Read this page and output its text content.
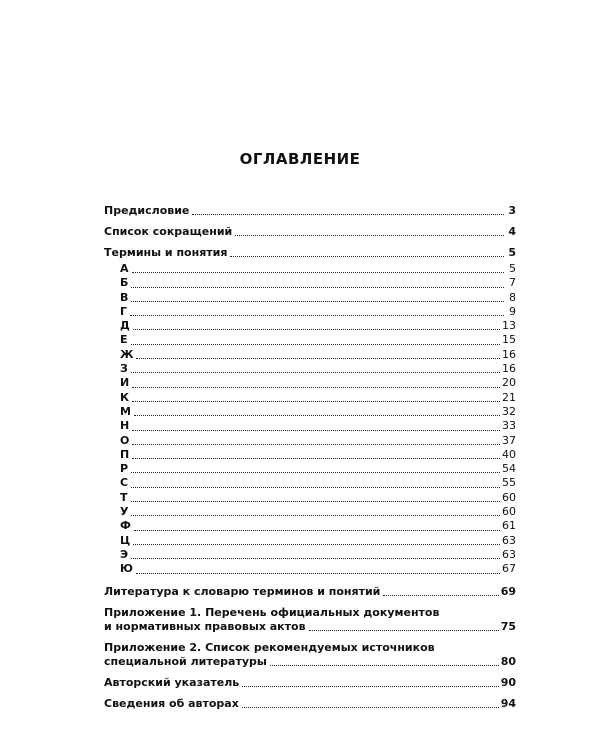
ОГЛАВЛЕНИЕ
Предисловие	3
Список сокращений	4
Термины и понятия	5
А	5
Б	7
В	8
Г	9
Д	13
Е	15
Ж	16
З	16
И	20
К	21
М	32
Н	33
О	37
П	40
Р	54
С	55
Т	60
У	60
Ф	61
Ц	63
Э	63
Ю	67
Литература к словарю терминов и понятий	69
Приложение 1. Перечень официальных документов
и нормативных правовых актов	75
Приложение 2. Список рекомендуемых источников
специальной литературы	80
Авторский указатель	90
Сведения об авторах	94
